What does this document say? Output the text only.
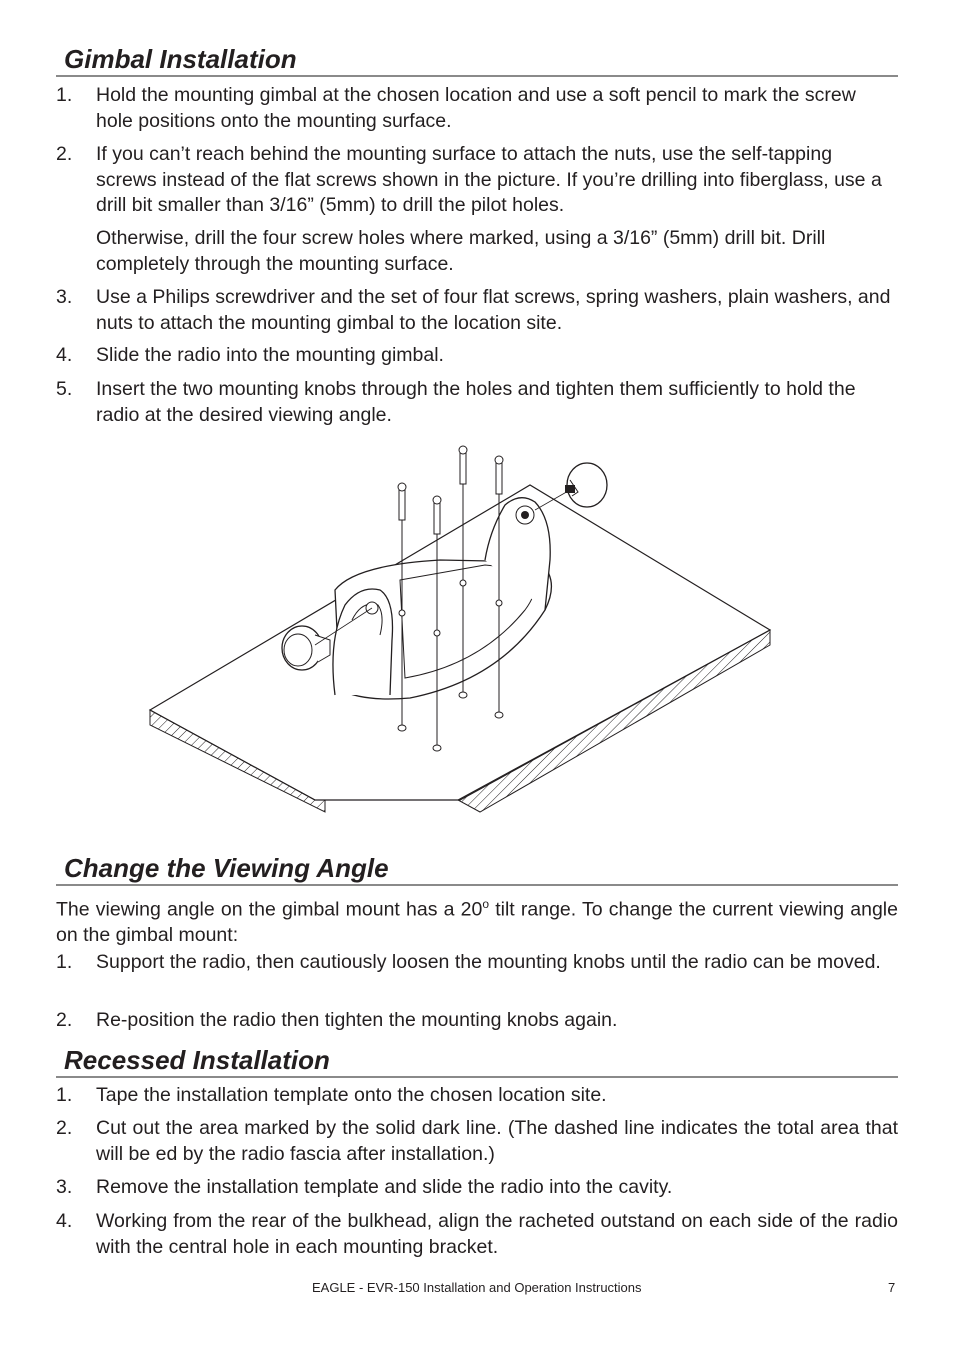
Gimbal Installation
1. Hold the mounting gimbal at the chosen location and use a soft pencil to mark the screw hole positions onto the mounting surface.
2. If you can’t reach behind the mounting surface to attach the nuts, use the self-tapping screws instead of the flat screws shown in the picture. If you’re drilling into fiberglass, use a drill bit smaller than 3/16” (5mm) to drill the pilot holes.
Otherwise, drill the four screw holes where marked, using a 3/16” (5mm) drill bit. Drill completely through the mounting surface.
3. Use a Philips screwdriver and the set of four flat screws, spring washers, plain washers, and nuts to attach the mounting gimbal to the location site.
4. Slide the radio into the mounting gimbal.
5. Insert the two mounting knobs through the holes and tighten them sufficiently to hold the radio at the desired viewing angle.
Change the Viewing Angle
The viewing angle on the gimbal mount has a 20$^o$ tilt range. To change the current viewing angle on the gimbal mount:
1. Support the radio, then cautiously loosen the mounting knobs until the radio can be moved.
2. Re-position the radio then tighten the mounting knobs again.
Recessed Installation
1. Tape the installation template onto the chosen location site.
2. Cut out the area marked by the solid dark line. (The dashed line indicates the total area that will be ed by the radio fascia after installation.)
3. Remove the installation template and slide the radio into the cavity.
4. Working from the rear of the bulkhead, align the racheted outstand on each side of the radio with the central hole in each mounting bracket.
EAGLE - EVR-150 Installation and Operation Instructions	7
